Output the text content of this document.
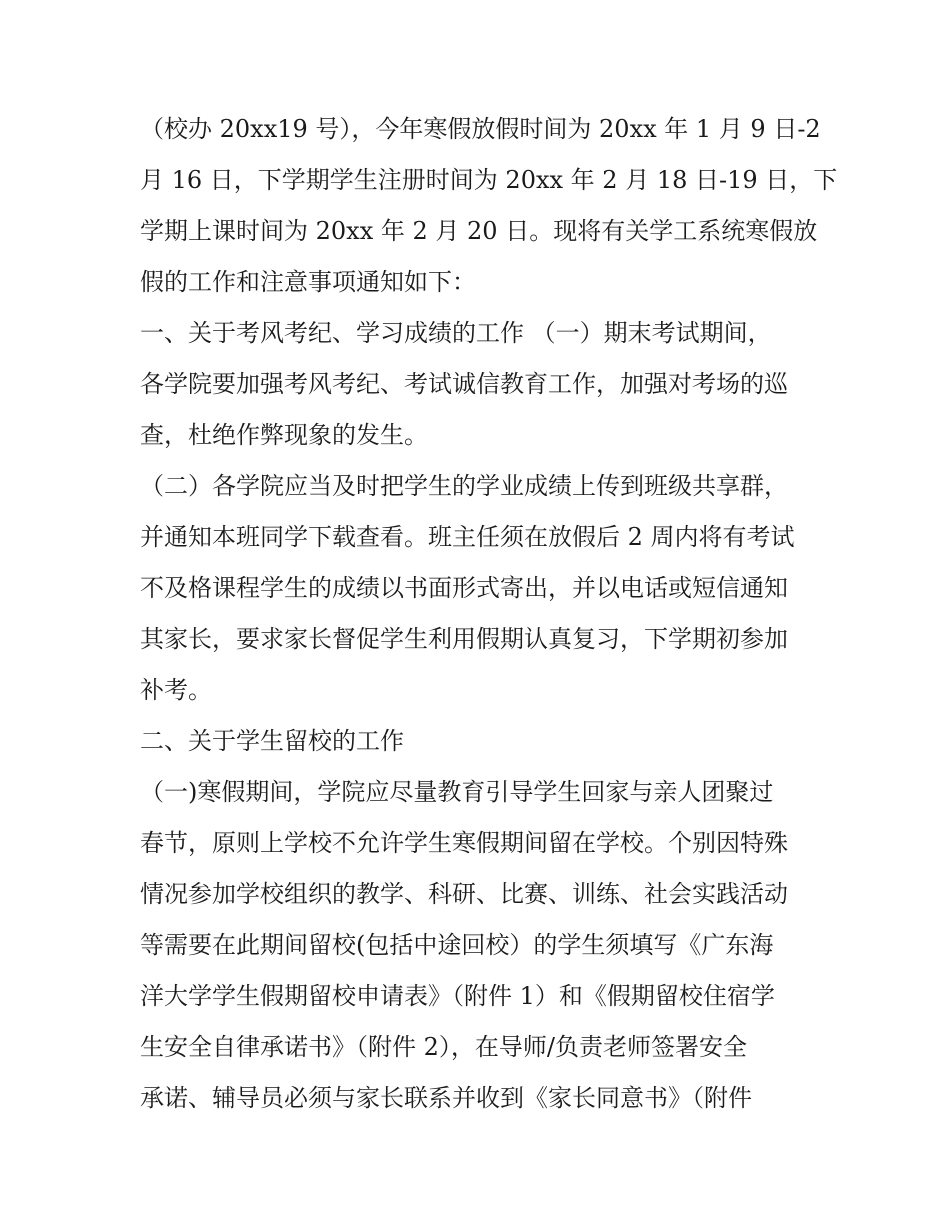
（校办 20xx19 号），今年寒假放假时间为 20xx 年 1 月 9 日-2
月 16 日，下学期学生注册时间为 20xx 年 2 月 18 日-19 日，下
学期上课时间为 20xx 年 2 月 20 日。现将有关学工系统寒假放
假的工作和注意事项通知如下：
一、关于考风考纪、学习成绩的工作 （一）期末考试期间，
各学院要加强考风考纪、考试诚信教育工作，加强对考场的巡
查，杜绝作弊现象的发生。
（二）各学院应当及时把学生的学业成绩上传到班级共享群，
并通知本班同学下载查看。班主任须在放假后 2 周内将有考试
不及格课程学生的成绩以书面形式寄出，并以电话或短信通知
其家长，要求家长督促学生利用假期认真复习，下学期初参加
补考。
二、关于学生留校的工作
（一)寒假期间，学院应尽量教育引导学生回家与亲人团聚过
春节，原则上学校不允许学生寒假期间留在学校。个别因特殊
情况参加学校组织的教学、科研、比赛、训练、社会实践活动
等需要在此期间留校(包括中途回校）的学生须填写《广东海
洋大学学生假期留校申请表》（附件 1）和《假期留校住宿学
生安全自律承诺书》（附件 2），在导师/负责老师签署安全
承诺、辅导员必须与家长联系并收到《家长同意书》（附件
